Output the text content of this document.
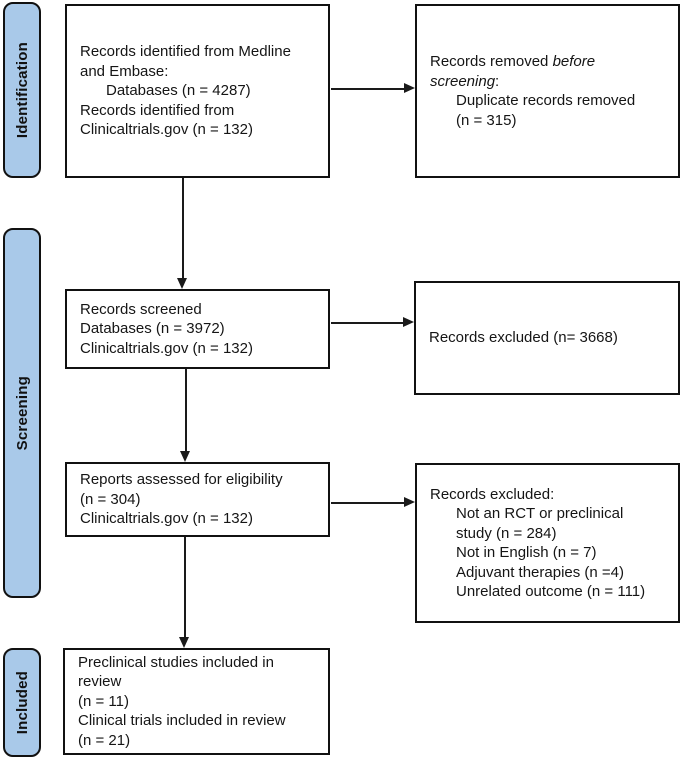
Identification
Screening
Included
Records identified from Medline
and Embase:
Databases (n = 4287)
Records identified from
Clinicaltrials.gov (n = 132)
Records removed before
screening:
Duplicate records removed
(n = 315)
Records screened
Databases (n = 3972)
Clinicaltrials.gov (n = 132)
Records excluded (n= 3668)
Reports assessed for eligibility
(n = 304)
Clinicaltrials.gov (n = 132)
Records excluded:
Not an RCT or preclinical
study (n = 284)
Not in English (n = 7)
Adjuvant therapies (n =4)
Unrelated outcome (n = 111)
Preclinical studies included in
review
(n = 11)
Clinical trials included in review
(n = 21)
